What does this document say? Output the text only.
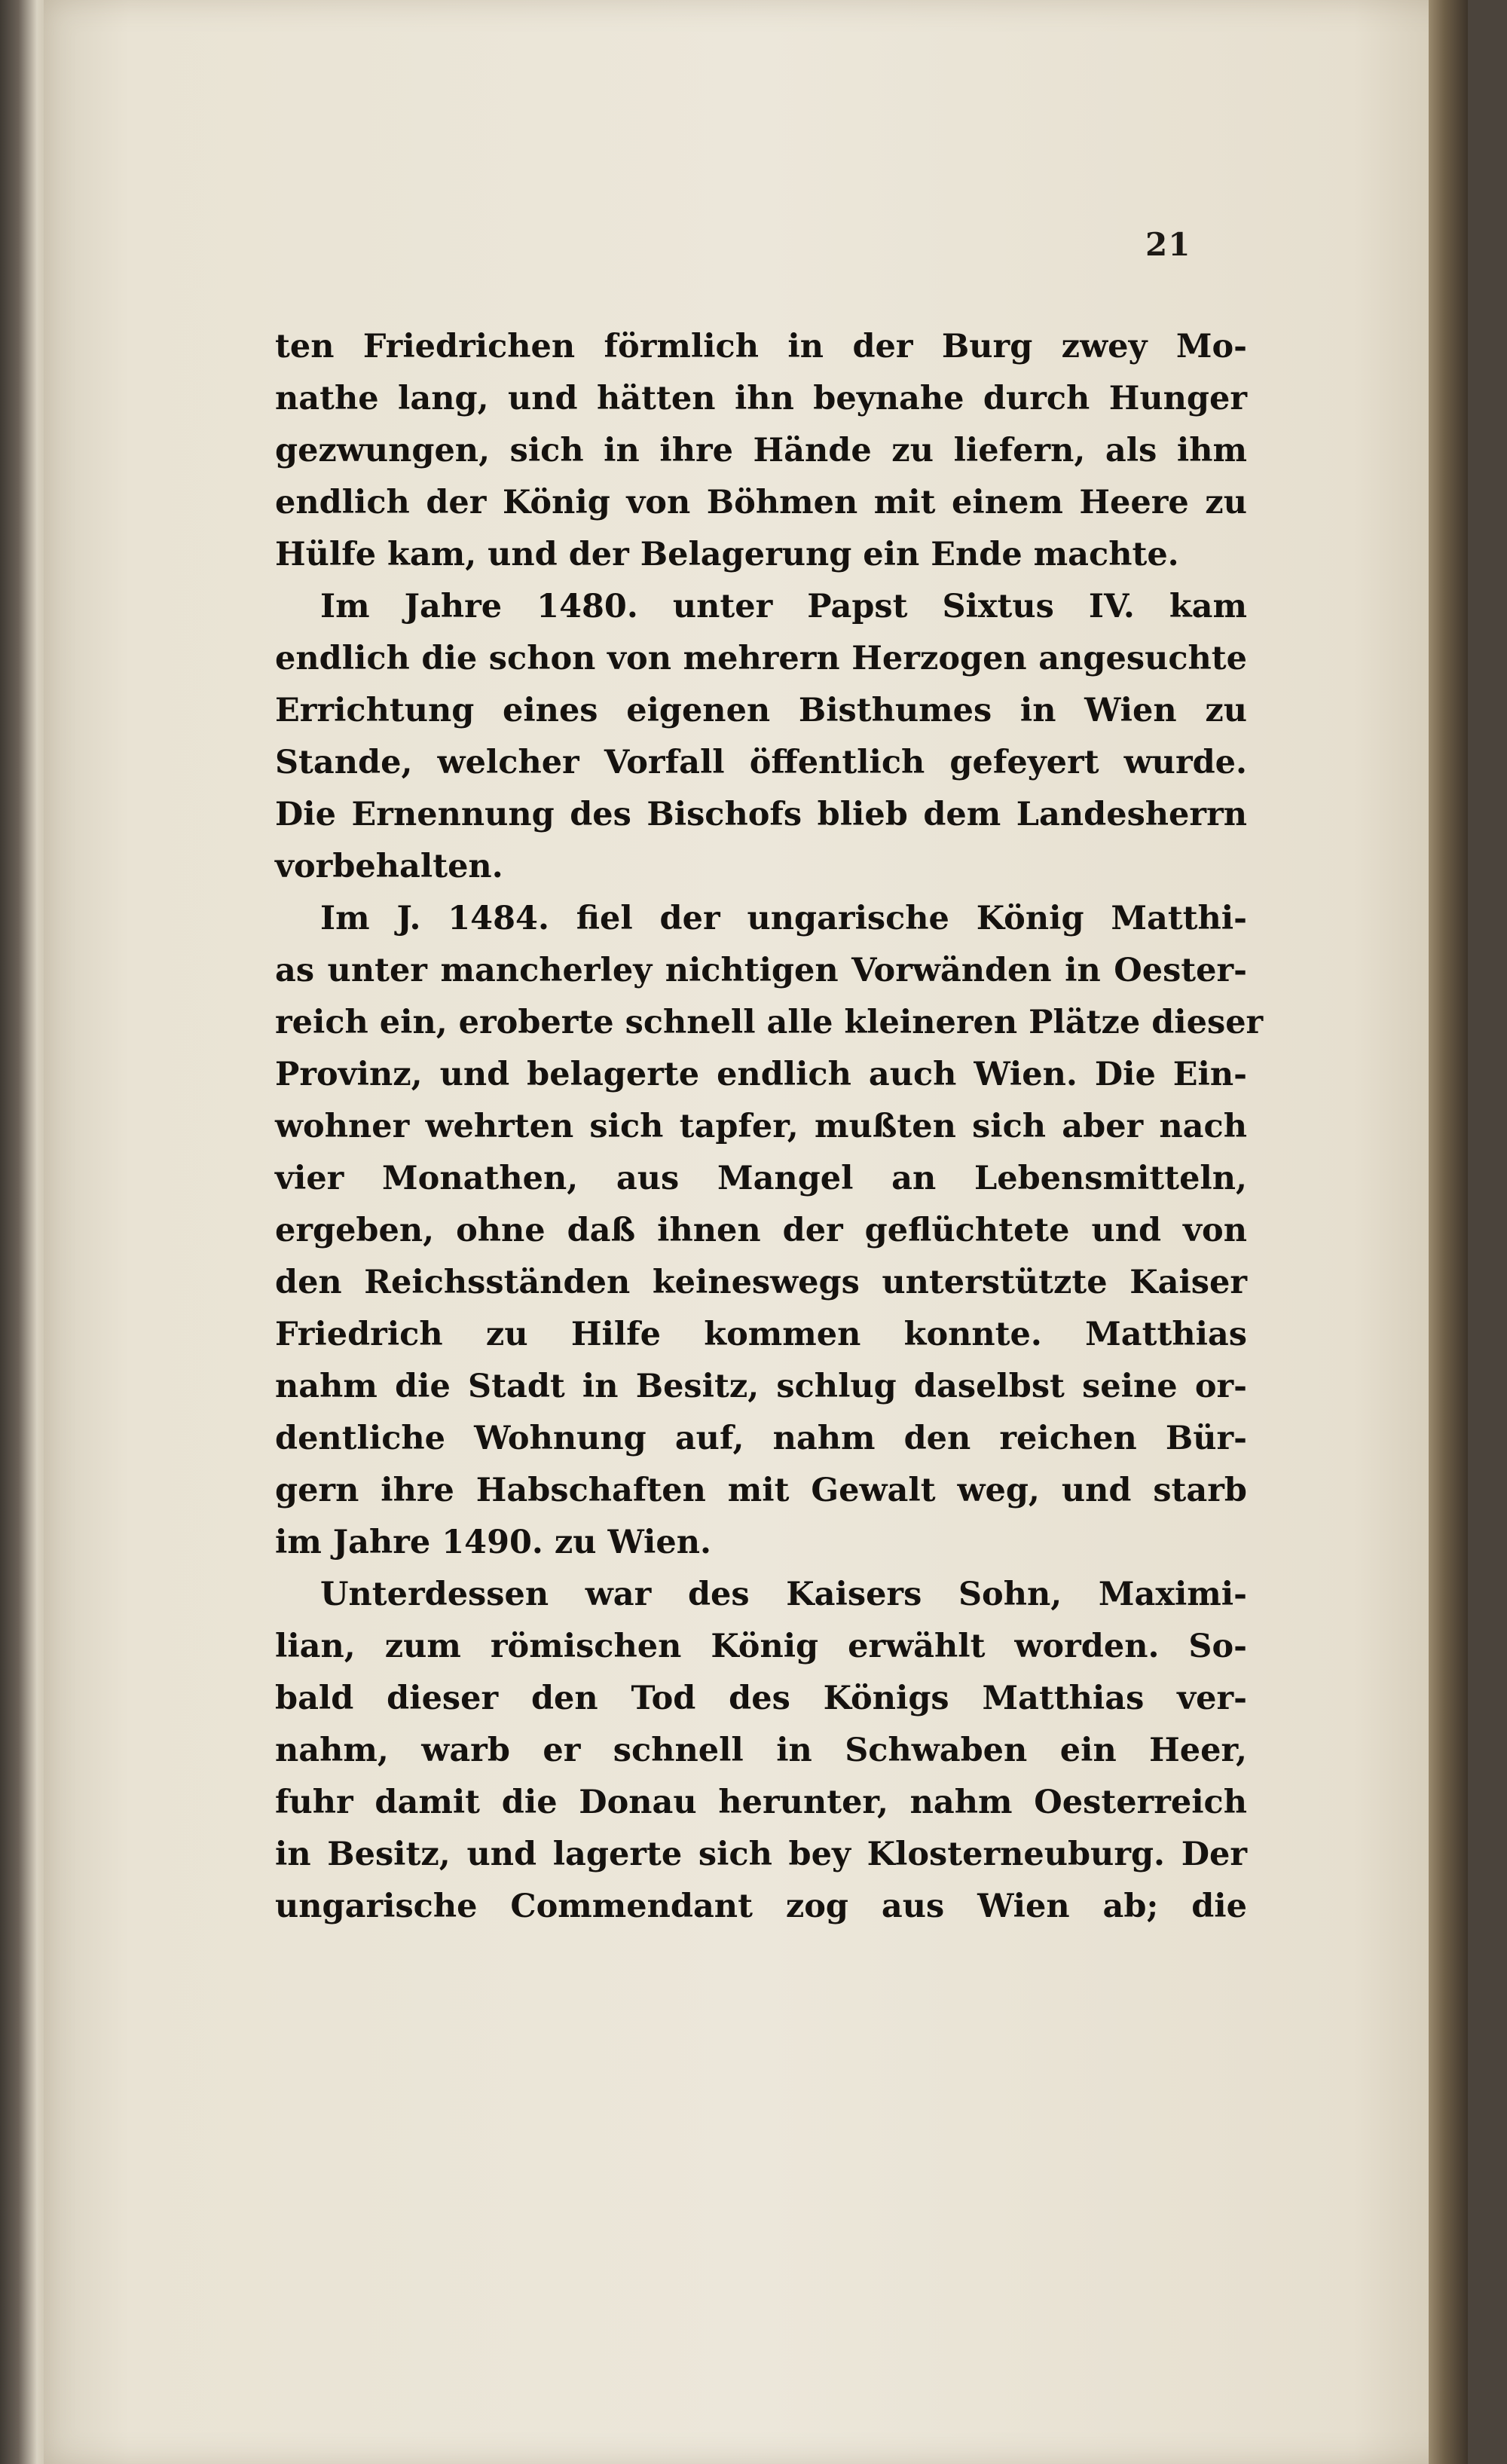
21
ten Friedrichen förmlich in der Burg zwey Mo-
nathe lang, und hätten ihn beynahe durch Hunger
gezwungen, sich in ihre Hände zu liefern, als ihm
endlich der König von Böhmen mit einem Heere zu
Hülfe kam, und der Belagerung ein Ende machte.
Im Jahre 1480. unter Papst Sixtus IV. kam
endlich die schon von mehrern Herzogen angesuchte
Errichtung eines eigenen Bisthumes in Wien zu
Stande, welcher Vorfall öffentlich gefeyert wurde.
Die Ernennung des Bischofs blieb dem Landesherrn
vorbehalten.
Im J. 1484. fiel der ungarische König Matthi-
as unter mancherley nichtigen Vorwänden in Oester-
reich ein, eroberte schnell alle kleineren Plätze dieser
Provinz, und belagerte endlich auch Wien. Die Ein-
wohner wehrten sich tapfer, mußten sich aber nach
vier Monathen, aus Mangel an Lebensmitteln,
ergeben, ohne daß ihnen der geflüchtete und von
den Reichsständen keineswegs unterstützte Kaiser
Friedrich zu Hilfe kommen konnte. Matthias
nahm die Stadt in Besitz, schlug daselbst seine or-
dentliche Wohnung auf, nahm den reichen Bür-
gern ihre Habschaften mit Gewalt weg, und starb
im Jahre 1490. zu Wien.
Unterdessen war des Kaisers Sohn, Maximi-
lian, zum römischen König erwählt worden. So-
bald dieser den Tod des Königs Matthias ver-
nahm, warb er schnell in Schwaben ein Heer,
fuhr damit die Donau herunter, nahm Oesterreich
in Besitz, und lagerte sich bey Klosterneuburg. Der
ungarische Commendant zog aus Wien ab; die
